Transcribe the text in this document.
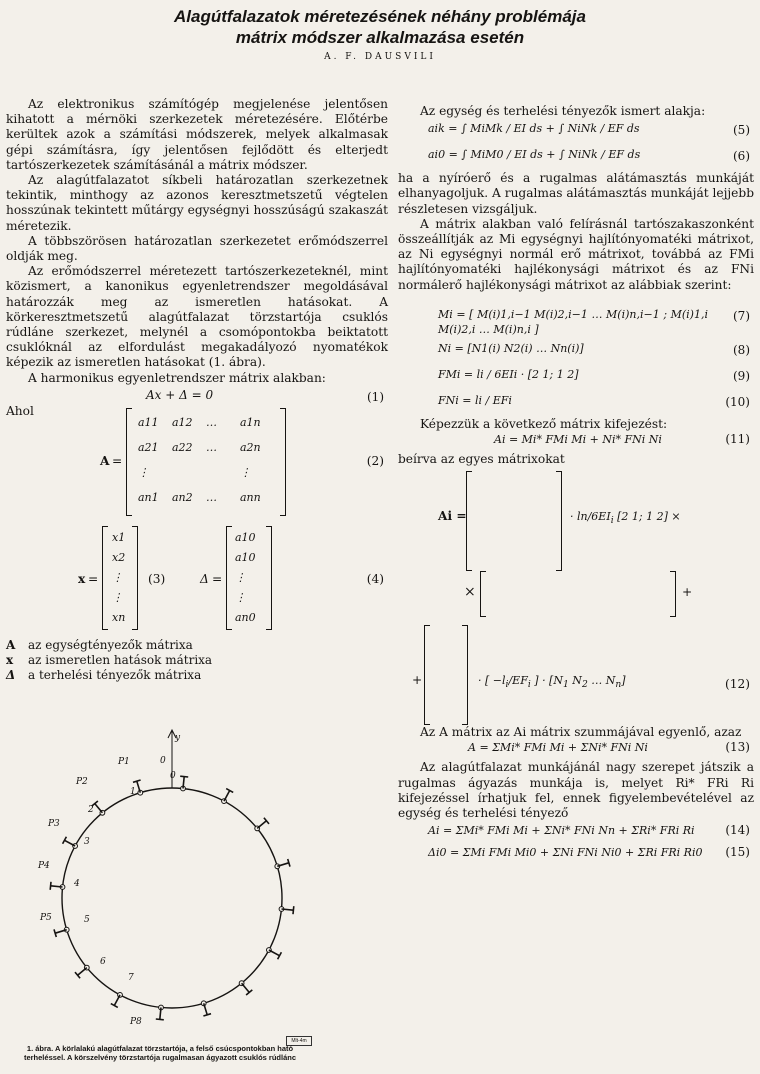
Alagútfalazatok méretezésének néhány problémája
mátrix módszer alkalmazása esetén
A. F. DAUSVILI

Az elektronikus számítógép megjelenése jelentősen kihatott a mérnöki szerkezetek méretezésére. Előtérbe kerültek azok a számítási módszerek, melyek alkalmasak gépi számításra, így jelentősen fejlődött és elterjedt tartószerkezetek számításánál a mátrix módszer.

Az alagútfalazatot síkbeli határozatlan szerkezetnek tekintik, minthogy az azonos keresztmetszetű végtelen hosszúnak tekintett műtárgy egységnyi hosszúságú szakaszát méretezik.

A többszörösen határozatlan szerkezetet erőmódszerrel oldják meg.

Az erőmódszerrel méretezett tartószerkezeteknél, mint közismert, a kanonikus egyenletrendszer megoldásával határozzák meg az ismeretlen hatásokat. A körkeresztmetszetű alagútfalazat törzstartója csuklós rúdláne szerkezet, melynél a csomópontokba beiktatott csuklóknál az elfordulást megakadályozó nyomatékok képezik az ismeretlen hatásokat (1. ábra).

A harmonikus egyenletrendszer mátrix alakban:

Ax + Δ = 0	(1)
Ahol
A =
a11 a12 … a1n
a21 a22 … a2n
⋮	⋮
an1 an2 … ann
(2)
x =
x1
x2
⋮
⋮
xn
(3)	Δ =
a10
a10
⋮
⋮
an0
(4)
A az egységtényezők mátrixa
x az ismeretlen hatások mátrixa
Δ a terhelési tényezők mátrixa
y
P1	0
0
1
P2
2
P3
3
P4
4
P5	5
6
7
P8
Mlt-4m
1. ábra. A körlalakú alagútfalazat törzstartója, a felső csúcspontokban ható terheléssel. A körszelvény törzstartója rugalmasan ágyazott csuklós rúdlánc

Az egység és terhelési tényezők ismert alakja:

aik = ∫ MiMk / EI ds + ∫ NiNk / EF ds	(5)
ai0 = ∫ MiM0 / EI ds + ∫ NiNk / EF ds	(6)

ha a nyíróerő és a rugalmas alátámasztás munkáját elhanyagoljuk. A rugalmas alátámasztás munkáját lejjebb részletesen vizsgáljuk.

A mátrix alakban való felírásnál tartószakaszonként összeállítják az Mi egységnyi hajlítónyomatéki mátrixot, az Ni egységnyi normál erő mátrixot, továbbá az FMi hajlítónyomatéki hajlékonysági mátrixot és az FNi normálerő hajlékonysági mátrixot az alábbiak szerint:

Mi = [ M(i)1,i−1 M(i)2,i−1 … M(i)n,i−1 ; M(i)1,i M(i)2,i … M(i)n,i ]
(7)
Ni = [N1(i) N2(i) … Nn(i)]	(8)
FMi = li / 6EIi · [2 1; 1 2]	(9)
FNi = li / EFi	(10)

Képezzük a következő mátrix kifejezést:

Ai = Mi* FMi Mi + Ni* FNi Ni	(11)

beírva az egyes mátrixokat

Ai =	· $\ln/6EI_i$ [2 1; 1 2] ×
×	+
+	· [ $-l_i/EF_i$ ] · [$N_1$ $N_2$ … $N_n$]	(12)

Az A mátrix az Ai mátrix szummájával egyenlő, azaz

A = ΣMi* FMi Mi + ΣNi* FNi Ni	(13)

Az alagútfalazat munkájánál nagy szerepet játszik a rugalmas ágyazás munkája is, melyet Ri* FRi Ri kifejezéssel írhatjuk fel, ennek figyelembevételével az egység és terhelési tényező

Ai = ΣMi* FMi Mi + ΣNi* FNi Nn + ΣRi* FRi Ri	(14)
Δi0 = ΣMi FMi Mi0 + ΣNi FNi Ni0 + ΣRi FRi Ri0 (15)
